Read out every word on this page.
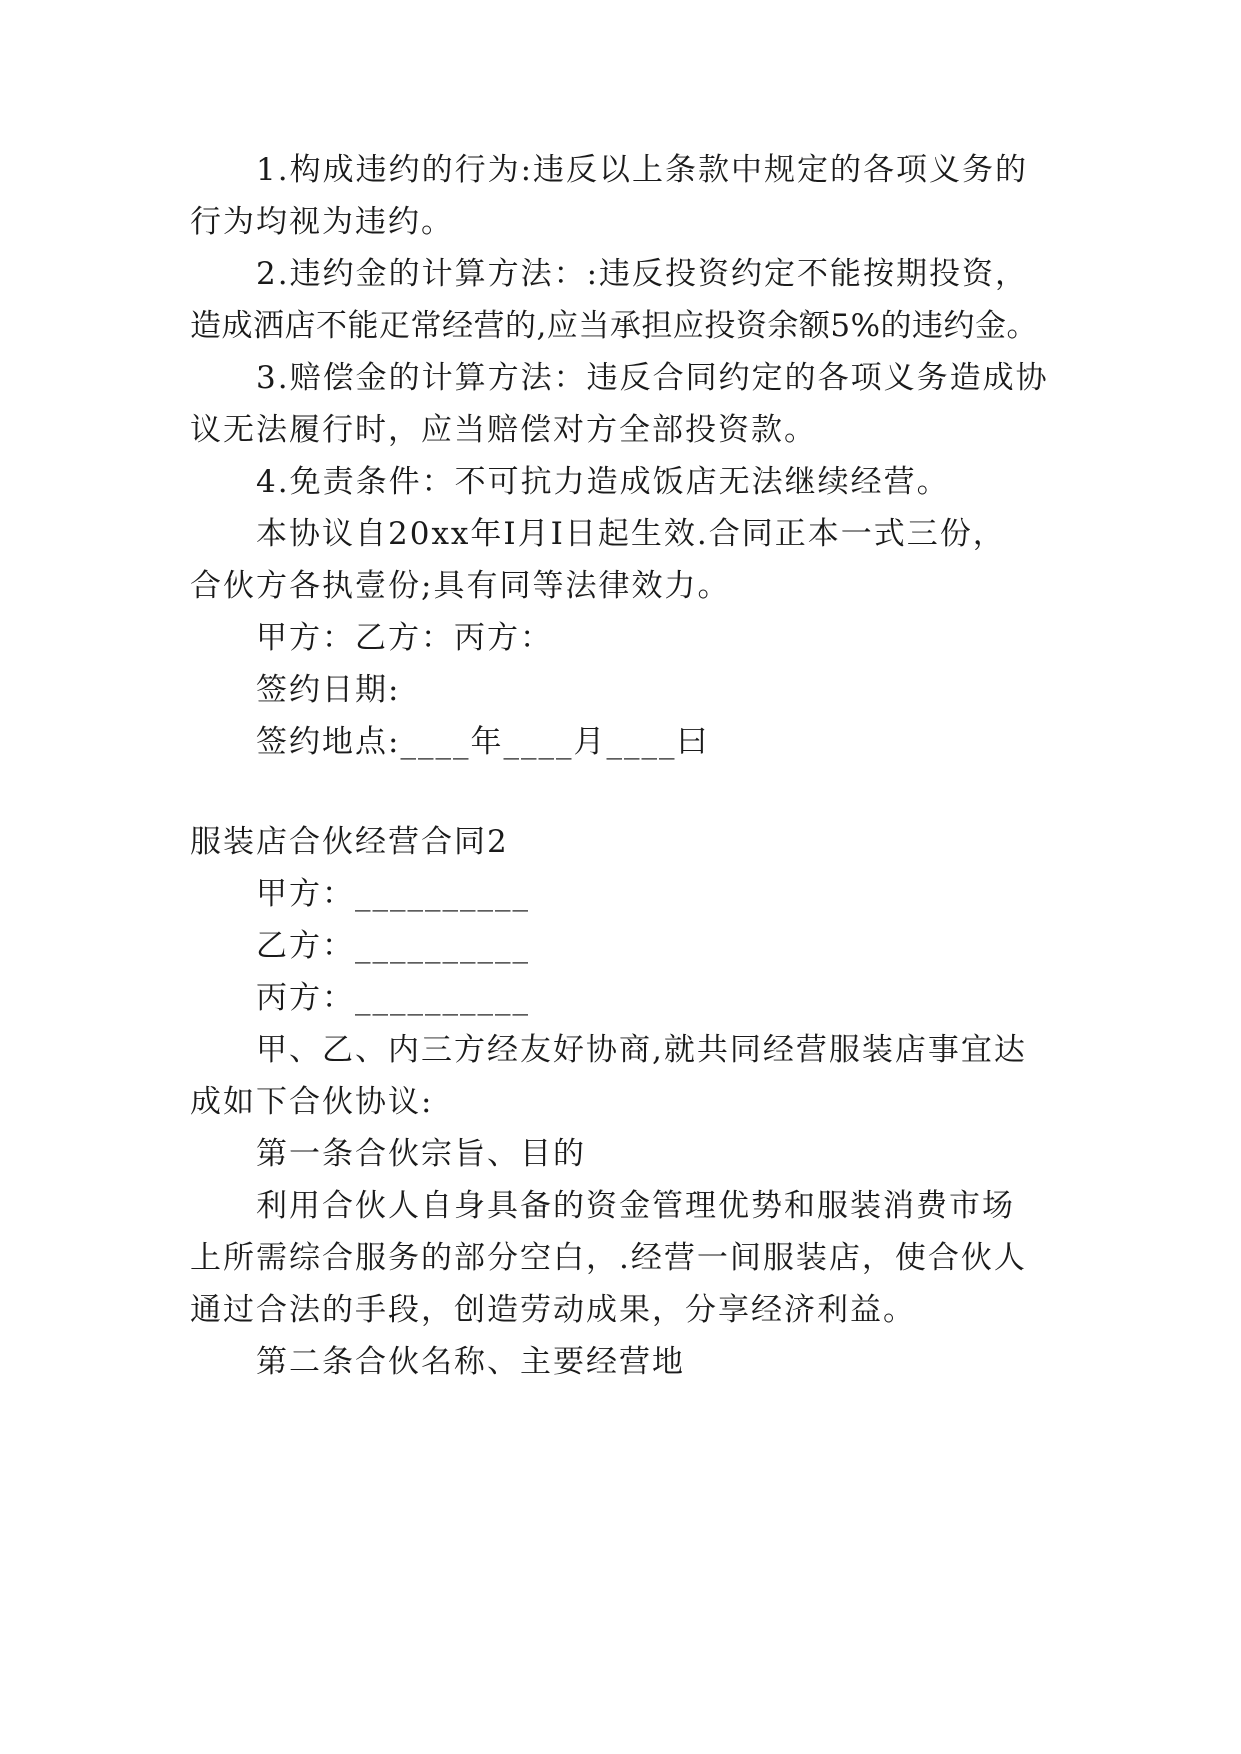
1.构成违约的行为:违反以上条款中规定的各项义务的
行为均视为违约。
2.违约金的计算方法：:违反投资约定不能按期投资，
造成洒店不能疋常经营的,应当承担应投资余额5%的违约金。
3.赔偿金的计算方法：违反合同约定的各项义务造成协
议无法履行时，应当赔偿对方全部投资款。
4.免责条件：不可抗力造成饭店无法继续经营。
本协议自20xx年I月I日起生效.合同正本一式三份，
合伙方各执壹份;具有同等法律效力。
甲方：乙方：丙方：
签约日期:
签约地点:____年____月____曰
服装店合伙经营合同2
甲方：__________
乙方：__________
丙方：__________
甲、乙、内三方经友好协商,就共同经营服装店事宜达
成如下合伙协议:
第一条合伙宗旨、目的
利用合伙人自身具备的资金管理优势和服装消费市场
上所需综合服务的部分空白，.经营一间服装店，使合伙人
通过合法的手段，创造劳动成果，分享经济利益。
第二条合伙名称、主要经营地
